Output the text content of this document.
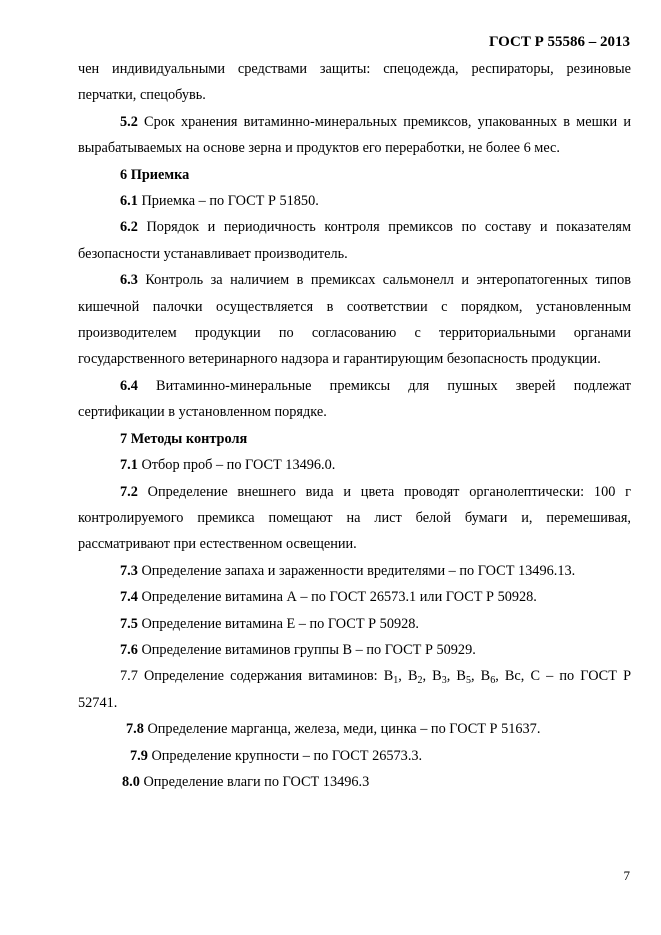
ГОСТ Р 55586 – 2013

чен индивидуальными средствами защиты: спецодежда, респираторы, резиновые перчатки, спецобувь.

5.2 Срок хранения витаминно-минеральных премиксов, упакованных в мешки и вырабатываемых на основе зерна и продуктов его переработки, не более 6 мес.

6 Приемка

6.1 Приемка – по ГОСТ Р 51850.

6.2 Порядок и периодичность контроля премиксов по составу и показателям безопасности устанавливает производитель.

6.3 Контроль за наличием в премиксах сальмонелл и энтеропатогенных типов кишечной палочки осуществляется в соответствии с порядком, установленным производителем продукции по согласованию с территориальными органами государственного ветеринарного надзора и гарантирующим безопасность продукции.

6.4 Витаминно-минеральные премиксы для пушных зверей подлежат сертификации в установленном порядке.

7 Методы контроля

7.1 Отбор проб – по ГОСТ 13496.0.

7.2 Определение внешнего вида и цвета проводят органолептически: 100 г контролируемого премикса помещают на лист белой бумаги и, перемешивая, рассматривают при естественном освещении.

7.3 Определение запаха и зараженности вредителями – по ГОСТ 13496.13.

7.4 Определение витамина А – по ГОСТ 26573.1 или ГОСТ Р 50928.

7.5 Определение витамина Е – по ГОСТ Р 50928.

7.6 Определение витаминов группы В – по ГОСТ Р 50929.

7.7 Определение содержания витаминов: $B_1$, $B_2$, $B_3$, $B_5$, $B_6$, Bc, С – по ГОСТ Р 52741.

7.8 Определение марганца, железа, меди, цинка – по ГОСТ Р 51637.

7.9 Определение крупности – по ГОСТ 26573.3.

8.0 Определение влаги по ГОСТ 13496.3

7
